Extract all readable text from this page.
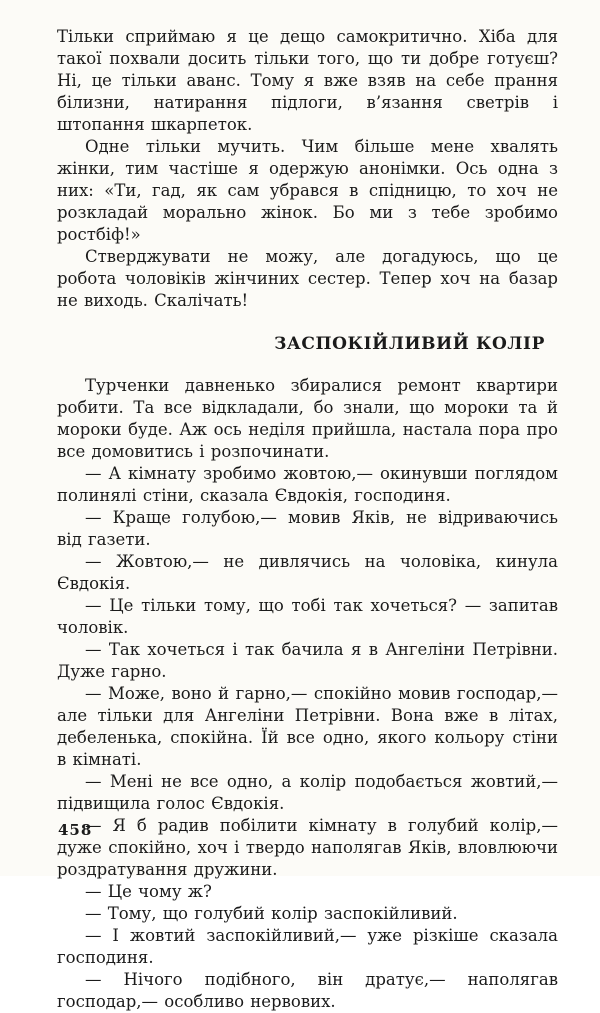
Тільки сприймаю я це дещо самокритично. Хіба для такої похвали досить тільки того, що ти добре готуєш? Ні, це тільки аванс. Тому я вже взяв на себе прання білизни, натирання підлоги, в’язання светрів і штопання шкарпеток.

Одне тільки мучить. Чим більше мене хвалять жінки, тим частіше я одержую анонімки. Ось одна з них: «Ти, гад, як сам убрався в спідницю, то хоч не розкладай морально жінок. Бо ми з тебе зробимо ростбіф!»

Стверджувати не можу, але догадуюсь, що це робота чоловіків жінчиних сестер. Тепер хоч на базар не виходь. Скалічать!

ЗАСПОКІЙЛИВИЙ КОЛІР

Турченки давненько збиралися ремонт квартири робити. Та все відкладали, бо знали, що мороки та й мороки буде. Аж ось неділя прийшла, настала пора про все домовитись і розпочинати.

— А кімнату зробимо жовтою,— окинувши поглядом полинялі стіни, сказала Євдокія, господиня.

— Краще голубою,— мовив Яків, не відриваючись від газети.

— Жовтою,— не дивлячись на чоловіка, кинула Євдокія.

— Це тільки тому, що тобі так хочеться? — запитав чоловік.

— Так хочеться і так бачила я в Ангеліни Петрівни. Дуже гарно.

— Може, воно й гарно,— спокійно мовив господар,— але тільки для Ангеліни Петрівни. Вона вже в літах, дебеленька, спокійна. Їй все одно, якого кольору стіни в кімнаті.

— Мені не все одно, а колір подобається жовтий,— підвищила голос Євдокія.

— Я б радив побілити кімнату в голубий колір,— дуже спокійно, хоч і твердо наполягав Яків, вловлюючи роздратування дружини.

— Це чому ж?

— Тому, що голубий колір заспокійливий.

— І жовтий заспокійливий,— уже різкіше сказала господиня.

— Нічого подібного, він дратує,— наполягав господар,— особливо нервових.

458
